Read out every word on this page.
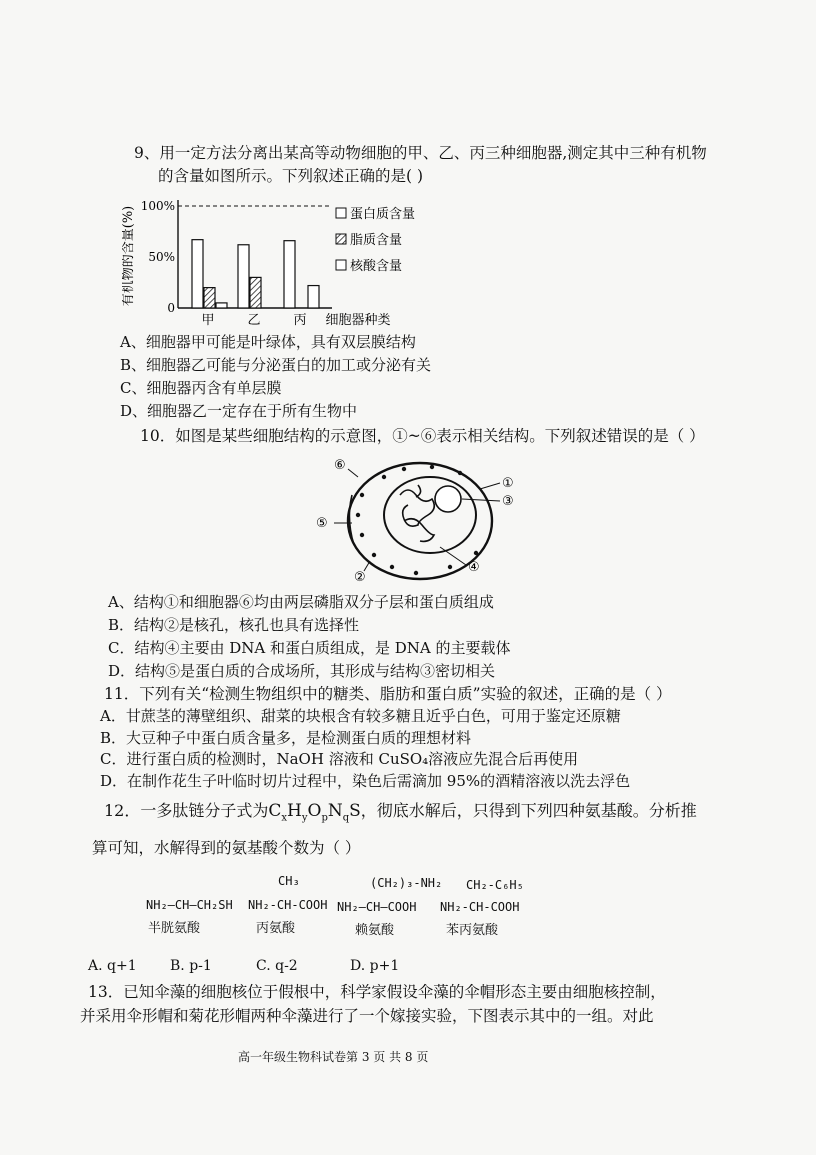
9、用一定方法分离出某高等动物细胞的甲、乙、丙三种细胞器,测定其中三种有机物
的含量如图所示。下列叙述正确的是( )
有机物的含量(%) 100%
50%
0
甲	乙	丙 细胞器种类
蛋白质含量
脂质含量
核酸含量
A、细胞器甲可能是叶绿体，具有双层膜结构
B、细胞器乙可能与分泌蛋白的加工或分泌有关
C、细胞器丙含有单层膜
D、细胞器乙一定存在于所有生物中
10．如图是某些细胞结构的示意图，①~⑥表示相关结构。下列叙述错误的是（ ）
①
③
④
②
⑤
⑥
A、结构①和细胞器⑥均由两层磷脂双分子层和蛋白质组成
B．结构②是核孔，核孔也具有选择性
C．结构④主要由 DNA 和蛋白质组成，是 DNA 的主要载体
D．结构⑤是蛋白质的合成场所，其形成与结构③密切相关
11．下列有关“检测生物组织中的糖类、脂肪和蛋白质”实验的叙述，正确的是（ ）
A．甘蔗茎的薄壁组织、甜菜的块根含有较多糖且近乎白色，可用于鉴定还原糖
B．大豆种子中蛋白质含量多，是检测蛋白质的理想材料
C．进行蛋白质的检测时，NaOH 溶液和 CuSO₄溶液应先混合后再使用
D．在制作花生子叶临时切片过程中，染色后需滴加 95%的酒精溶液以洗去浮色
12．一多肽链分子式为$C_xH_yO_pN_qS$，彻底水解后，只得到下列四种氨基酸。分析推
算可知，水解得到的氨基酸个数为（ ）
NH₂—CH—CH₂SH
半胱氨酸
CH₃
NH₂-CH-COOH
丙氨酸
(CH₂)₃-NH₂
NH₂—CH—COOH
赖氨酸
CH₂-C₆H₅
NH₂-CH-COOH
苯丙氨酸
A. q+1 B. p-1	C. q-2	D. p+1
13．已知伞藻的细胞核位于假根中，科学家假设伞藻的伞帽形态主要由细胞核控制，
并采用伞形帽和菊花形帽两种伞藻进行了一个嫁接实验，下图表示其中的一组。对此
高一年级生物科试卷第 3 页 共 8 页
